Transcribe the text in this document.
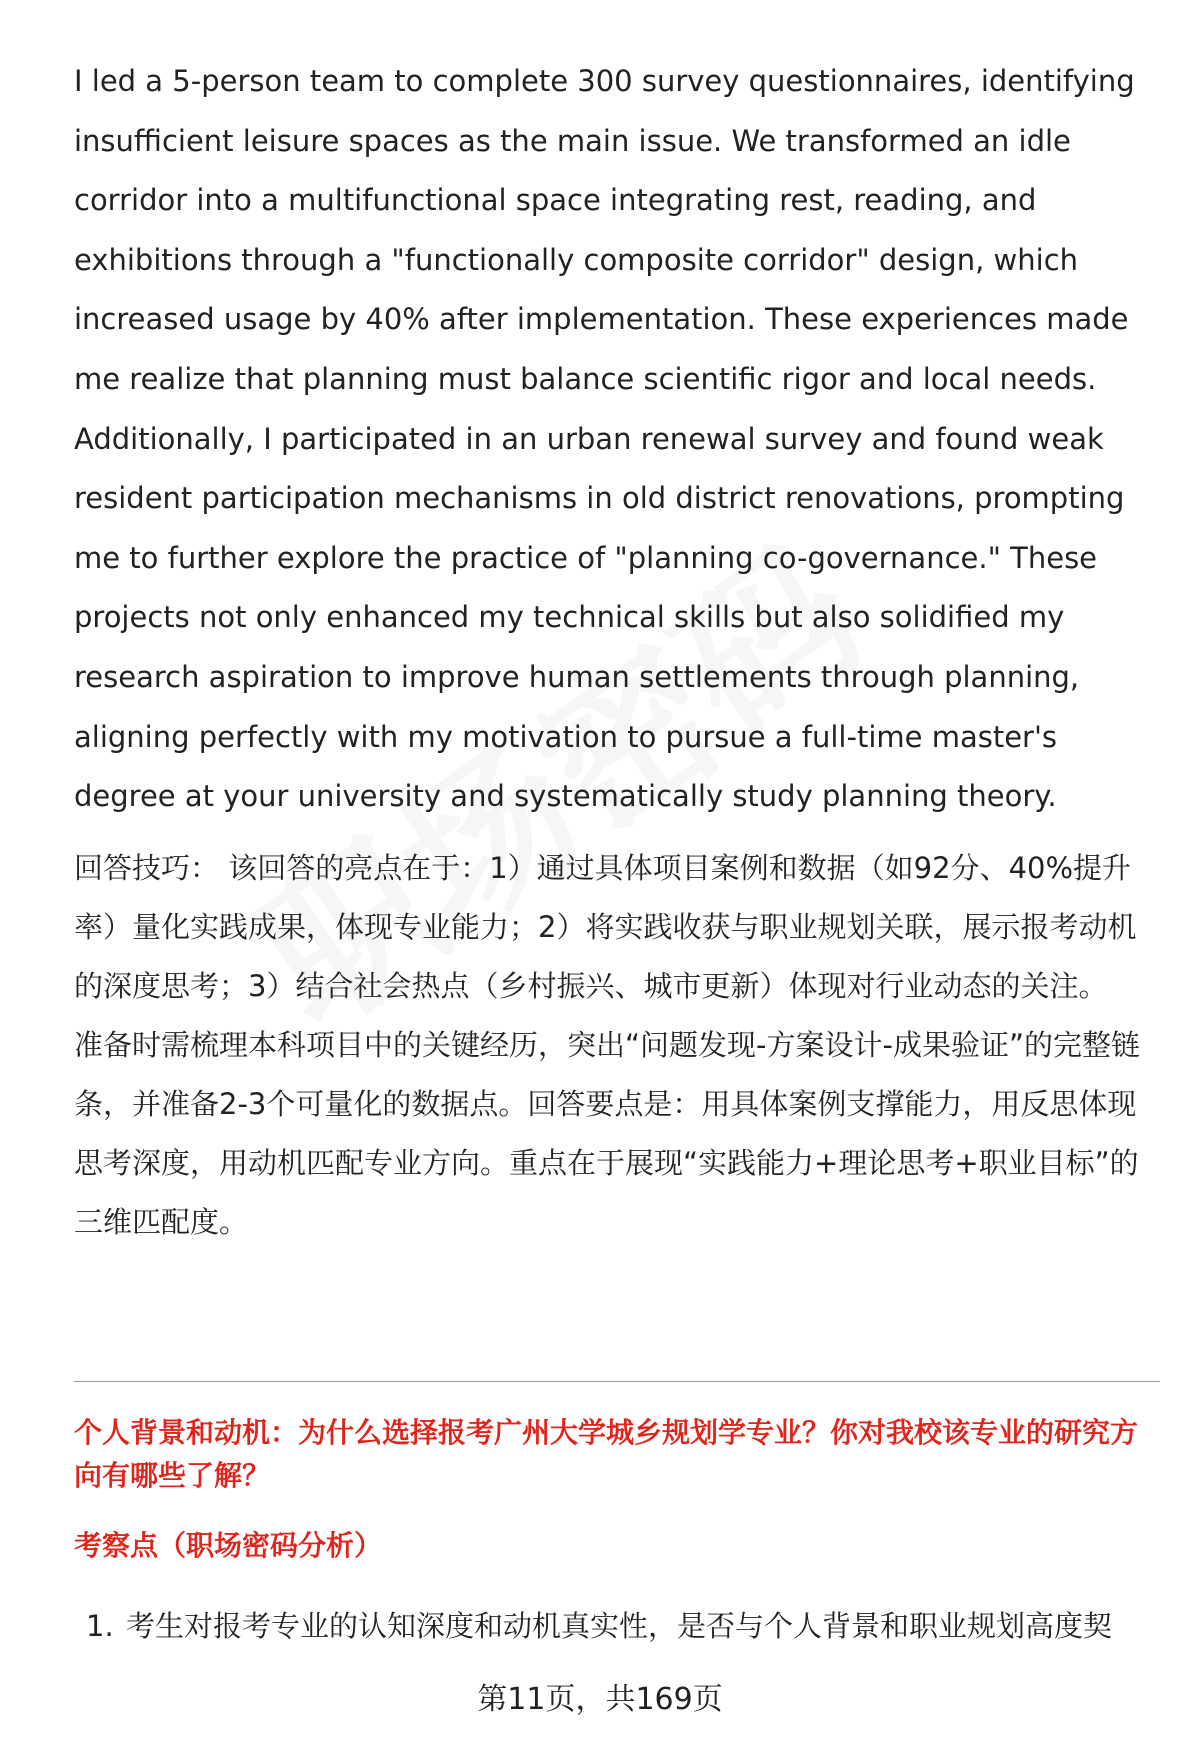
I led a 5-person team to complete 300 survey questionnaires, identifying insufficient leisure spaces as the main issue. We transformed an idle corridor into a multifunctional space integrating rest, reading, and exhibitions through a "functionally composite corridor" design, which increased usage by 40% after implementation. These experiences made me realize that planning must balance scientific rigor and local needs. Additionally, I participated in an urban renewal survey and found weak resident participation mechanisms in old district renovations, prompting me to further explore the practice of "planning co-governance." These projects not only enhanced my technical skills but also solidified my research aspiration to improve human settlements through planning, aligning perfectly with my motivation to pursue a full-time master's degree at your university and systematically study planning theory.

回答技巧： 该回答的亮点在于：1）通过具体项目案例和数据（如92分、40%提升率）量化实践成果，体现专业能力；2）将实践收获与职业规划关联，展示报考动机的深度思考；3）结合社会热点（乡村振兴、城市更新）体现对行业动态的关注。

准备时需梳理本科项目中的关键经历，突出“问题发现-方案设计-成果验证”的完整链条，并准备2-3个可量化的数据点。回答要点是：用具体案例支撑能力，用反思体现思考深度，用动机匹配专业方向。重点在于展现“实践能力+理论思考+职业目标”的三维匹配度。

个人背景和动机：为什么选择报考广州大学城乡规划学专业？你对我校该专业的研究方向有哪些了解？

考察点（职场密码分析）

1. 考生对报考专业的认知深度和动机真实性，是否与个人背景和职业规划高度契
第11页，共169页
